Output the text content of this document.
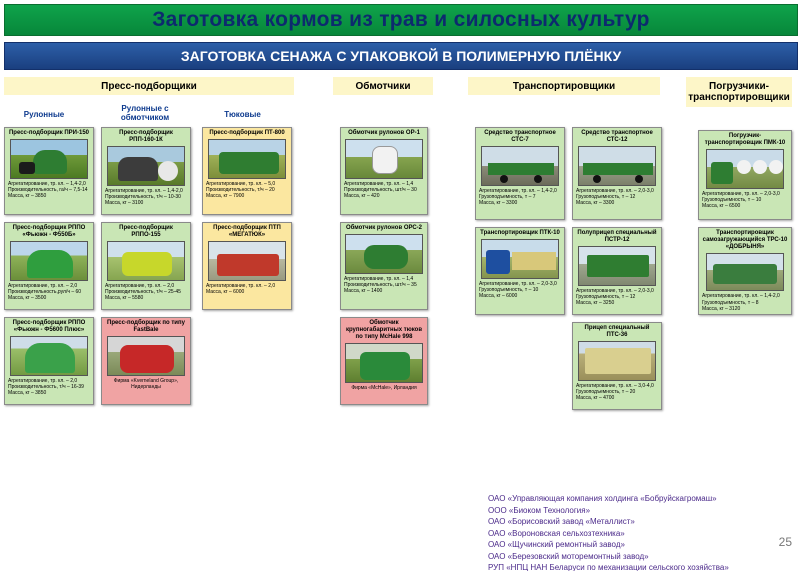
Заготовка кормов из трав и силосных культур
ЗАГОТОВКА СЕНАЖА С УПАКОВКОЙ В ПОЛИМЕРНУЮ ПЛЁНКУ
Пресс-подборщики	Обмотчики	Транспортировщики	Погрузчики-транспортировщики
Рулонные
Рулонные с обмотчиком	Тюковые
Пресс-подборщик ПРИ-150
Агрегатирование, тр. кл. – 1,4-2,0
Производительность, га/ч – 7,5-14
Масса, кг – 3850
Пресс-подборщик РППО «Фьюжн - Ф550Б»
Агрегатирование, тр. кл. – 2,0
Производительность,рул/ч – 60
Масса, кг – 3500
Пресс-подборщик РППО «Фьюжн - Ф5600 Плюс»
Агрегатирование, тр. кл. – 2,0
Производительность, т/ч – 16-39
Масса, кг – 3850
Пресс-подборщик РПП-160-1К
Агрегатирование, тр. кл. – 1,4-2,0
Производительность, т/ч – 10-30
Масса, кг – 3100
Пресс-подборщик РППО-155
Агрегатирование, тр. кл. – 2,0
Производительность, т/ч – 25-45
Масса, кг – 5580
Пресс-подборщик по типу FastBale
Фирма «Kverneland Group», Нидерланды
Пресс-подборщик ПТ-800
Агрегатирование, тр. кл. – 5,0
Производительность, т/ч – 20
Масса, кг – 7900
Пресс-подборщик ПТП «МЕГАТЮК»
Агрегатирование, тр. кл. – 2,0
Масса, кг – 6000
Обмотчик рулонов ОР-1
Агрегатирование, тр. кл. – 1,4
Производительность, шт/ч – 30
Масса, кг – 420
Обмотчик рулонов ОРС-2
Агрегатирование, тр. кл. – 1,4
Производительность, шт/ч – 35
Масса, кг – 1400
Обмотчик крупногабаритных тюков по типу McHale 998
Фирма «McHale», Ирландия
Средство транспортное СТС-7
Агрегатирование, тр. кл. – 1,4-2,0
Грузоподъемность, т – 7
Масса, кг – 3300
Транспортировщик ПТК-10
Агрегатирование, тр. кл. – 2,0-3,0
Грузоподъемность, т – 10
Масса, кг – 6000
Средство транспортное СТС-12
Агрегатирование, тр. кл. – 2,0-3,0
Грузоподъемность, т – 12
Масса, кг – 3300
Полуприцеп специальный ПСТР-12
Агрегатирование, тр. кл. – 2,0-3,0
Грузоподъемность, т – 12
Масса, кг – 3250
Прицеп специальный ПТС-36
Агрегатирование, тр. кл. – 3,0-4,0
Грузоподъемность, т – 20
Масса, кг – 4700
Погрузчик-транспортировщик ПМК-10
Агрегатирование, тр. кл. – 2,0-3,0
Грузоподъемность, т – 10
Масса, кг – 6500
Транспортировщик самозагружающийся ТРС-10 «ДОБРЫНЯ»
Агрегатирование, тр. кл. – 1,4-2,0
Грузоподъемность, т – 8
Масса, кг – 3120
ОАО «Управляющая компания холдинга «Бобруйскагромаш»
ООО «Биоком Технология»
ОАО «Борисовский завод «Металлист»
ОАО «Вороновская сельхозтехника»
ОАО «Щучинский ремонтный завод»
ОАО «Березовский моторемонтный завод»
РУП «НПЦ НАН Беларуси по механизации сельского хозяйства»
25
